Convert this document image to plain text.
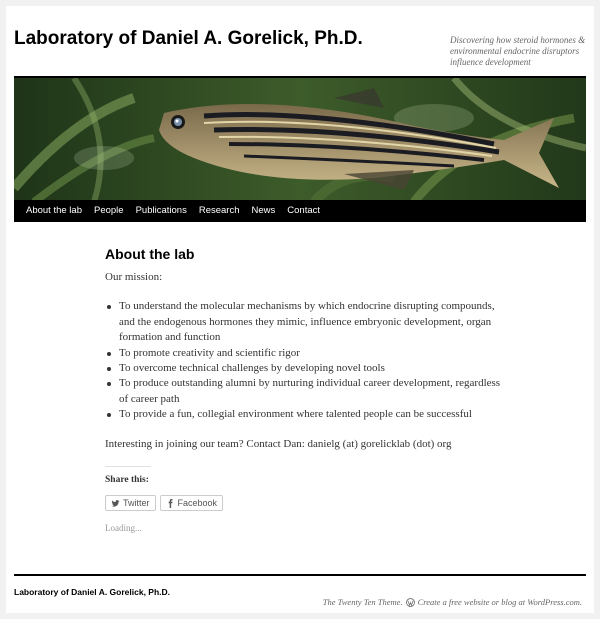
Laboratory of Daniel A. Gorelick, Ph.D.	Discovering how steroid hormones & environmental endocrine disruptors influence development
About the lab	People	Publications	Research	News	Contact
About the lab

Our mission:

To understand the molecular mechanisms by which endocrine disrupting compounds, and the endogenous hormones they mimic, influence embryonic development, organ formation and function
To promote creativity and scientific rigor
To overcome technical challenges by developing novel tools
To produce outstanding alumni by nurturing individual career development, regardless of career path
To provide a fun, collegial environment where talented people can be successful

Interesting in joining our team? Contact Dan: danielg (at) gorelicklab (dot) org

Share this:
Twitter	Facebook
Loading...
Laboratory of Daniel A. Gorelick, Ph.D.
The Twenty Ten Theme. Create a free website or blog at WordPress.com.
